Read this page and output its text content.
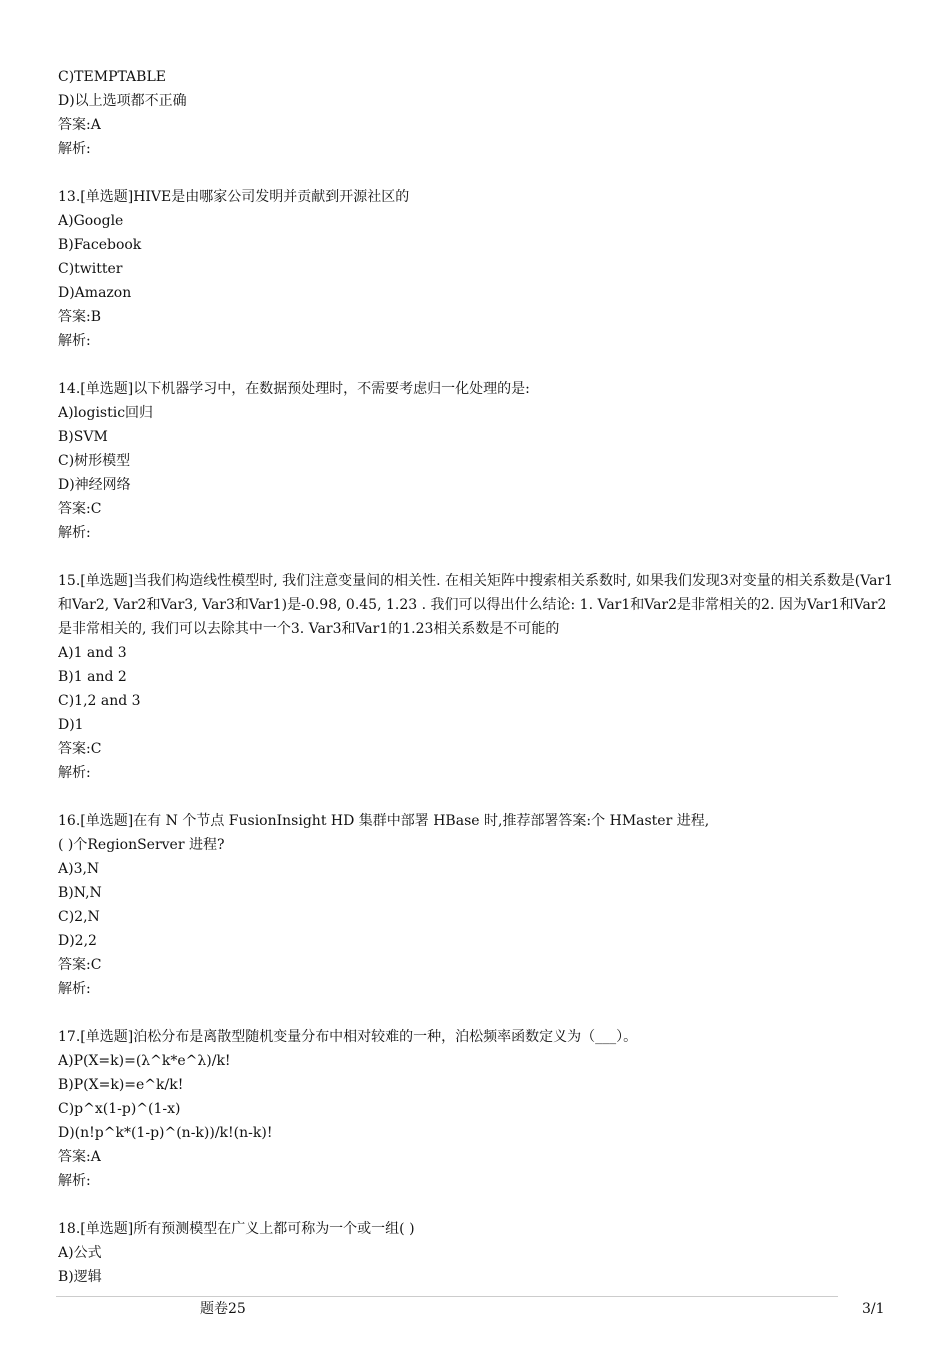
C)TEMPTABLE
D)以上选项都不正确
答案:A
解析:
13.[单选题]HIVE是由哪家公司发明并贡献到开源社区的
A)Google
B)Facebook
C)twitter
D)Amazon
答案:B
解析:
14.[单选题]以下机器学习中，在数据预处理时，不需要考虑归一化处理的是:
A)logistic回归
B)SVM
C)树形模型
D)神经网络
答案:C
解析:
15.[单选题]当我们构造线性模型时, 我们注意变量间的相关性. 在相关矩阵中搜索相关系数时, 如果我们发现3对变量的相关系数是(Var1 和Var2, Var2和Var3, Var3和Var1)是-0.98, 0.45, 1.23 . 我们可以得出什么结论: 1. Var1和Var2是非常相关的2. 因为Var1和Var2是非常相关的, 我们可以去除其中一个3. Var3和Var1的1.23相关系数是不可能的
A)1 and 3
B)1 and 2
C)1,2 and 3
D)1
答案:C
解析:
16.[单选题]在有 N 个节点 FusionInsight HD 集群中部署 HBase 时,推荐部署答案:个 HMaster 进程,
( )个RegionServer 进程?
A)3,N
B)N,N
C)2,N
D)2,2
答案:C
解析:
17.[单选题]泊松分布是离散型随机变量分布中相对较难的一种，泊松频率函数定义为（___）。
A)P(X=k)=(λ^k*e^λ)/k!
B)P(X=k)=e^k/k!
C)p^x(1-p)^(1-x)
D)(n!p^k*(1-p)^(n-k))/k!(n-k)!
答案:A
解析:
18.[单选题]所有预测模型在广义上都可称为一个或一组( )
A)公式
B)逻辑
题卷25	3/1
